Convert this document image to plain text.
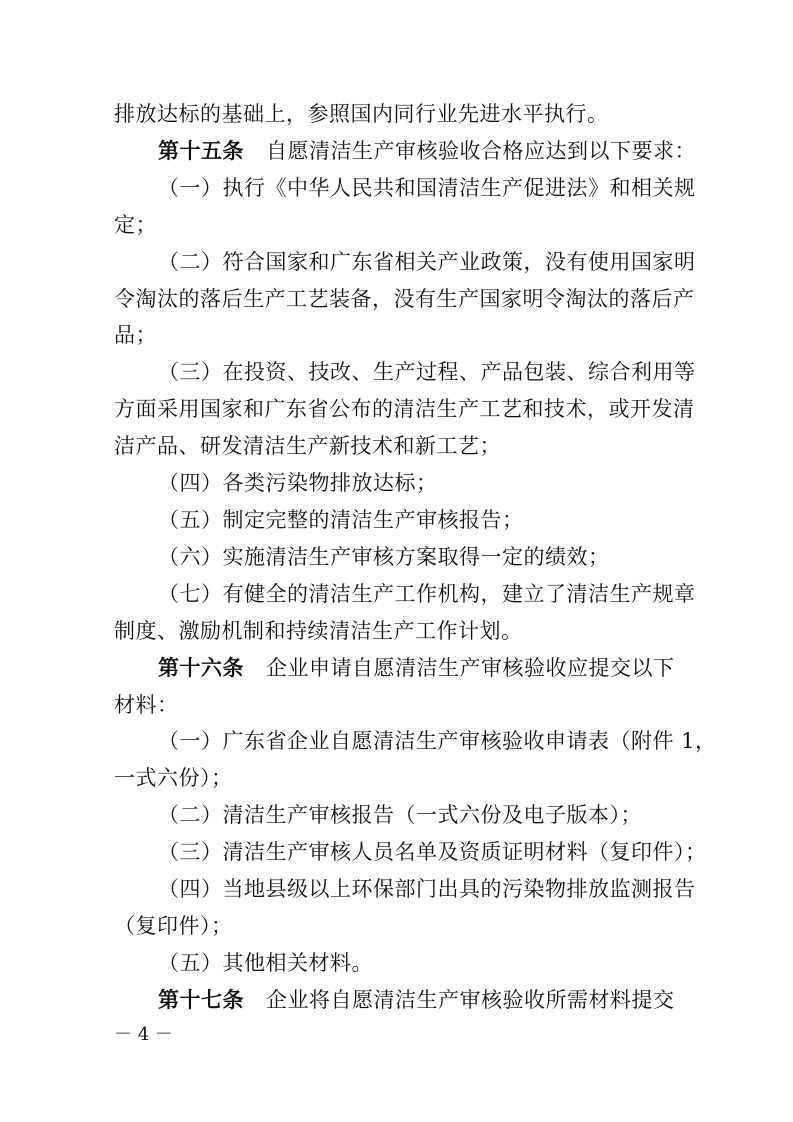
排放达标的基础上，参照国内同行业先进水平执行。
第十五条 自愿清洁生产审核验收合格应达到以下要求：
（一）执行《中华人民共和国清洁生产促进法》和相关规
定；
（二）符合国家和广东省相关产业政策，没有使用国家明
令淘汰的落后生产工艺装备，没有生产国家明令淘汰的落后产
品；
（三）在投资、技改、生产过程、产品包装、综合利用等
方面采用国家和广东省公布的清洁生产工艺和技术，或开发清
洁产品、研发清洁生产新技术和新工艺；
（四）各类污染物排放达标；
（五）制定完整的清洁生产审核报告；
（六）实施清洁生产审核方案取得一定的绩效；
（七）有健全的清洁生产工作机构，建立了清洁生产规章
制度、激励机制和持续清洁生产工作计划。
第十六条 企业申请自愿清洁生产审核验收应提交以下
材料：
（一）广东省企业自愿清洁生产审核验收申请表（附件 1，
一式六份）；
（二）清洁生产审核报告（一式六份及电子版本）；
（三）清洁生产审核人员名单及资质证明材料（复印件）；
（四）当地县级以上环保部门出具的污染物排放监测报告
（复印件）；
（五）其他相关材料。
第十七条 企业将自愿清洁生产审核验收所需材料提交
－ 4 －
